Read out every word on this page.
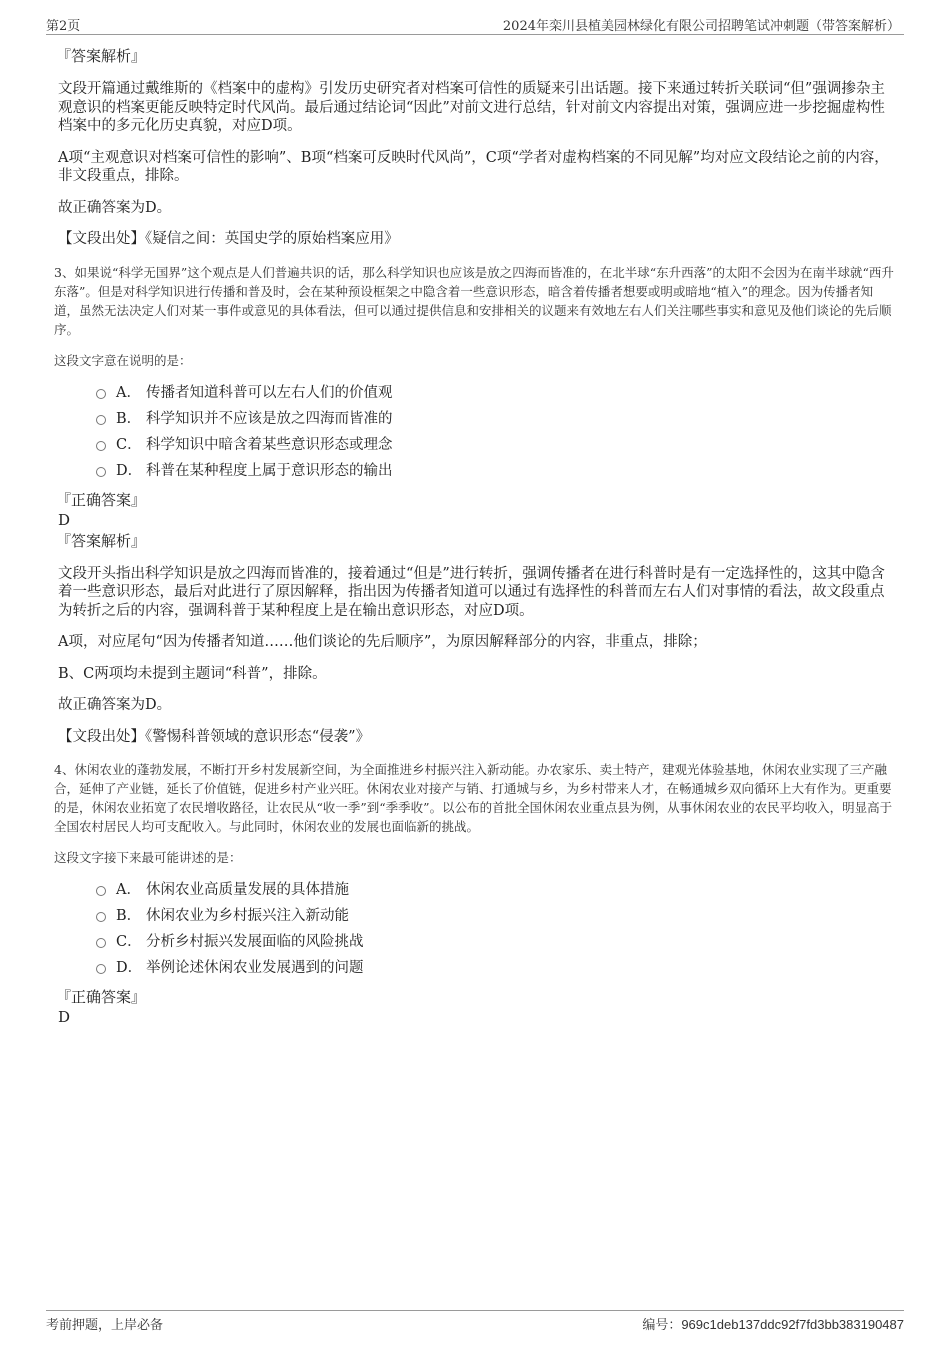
第2页	2024年栾川县植美园林绿化有限公司招聘笔试冲刺题（带答案解析）
『答案解析』
文段开篇通过戴维斯的《档案中的虚构》引发历史研究者对档案可信性的质疑来引出话题。接下来通过转折关联词“但”强调掺杂主观意识的档案更能反映特定时代风尚。最后通过结论词“因此”对前文进行总结，针对前文内容提出对策，强调应进一步挖掘虚构性档案中的多元化历史真貌，对应D项。
A项“主观意识对档案可信性的影响”、B项“档案可反映时代风尚”，C项“学者对虚构档案的不同见解”均对应文段结论之前的内容，非文段重点，排除。
故正确答案为D。
【文段出处】《疑信之间：英国史学的原始档案应用》
3、如果说“科学无国界”这个观点是人们普遍共识的话，那么科学知识也应该是放之四海而皆准的，在北半球“东升西落”的太阳不会因为在南半球就“西升东落”。但是对科学知识进行传播和普及时，会在某种预设框架之中隐含着一些意识形态，暗含着传播者想要或明或暗地“植入”的理念。因为传播者知道，虽然无法决定人们对某一事件或意见的具体看法，但可以通过提供信息和安排相关的议题来有效地左右人们关注哪些事实和意见及他们谈论的先后顺序。
这段文字意在说明的是：
A． 传播者知道科普可以左右人们的价值观
B． 科学知识并不应该是放之四海而皆准的
C． 科学知识中暗含着某些意识形态或理念
D． 科普在某种程度上属于意识形态的输出
『正确答案』
D
『答案解析』
文段开头指出科学知识是放之四海而皆准的，接着通过“但是”进行转折，强调传播者在进行科普时是有一定选择性的，这其中隐含着一些意识形态，最后对此进行了原因解释，指出因为传播者知道可以通过有选择性的科普而左右人们对事情的看法，故文段重点为转折之后的内容，强调科普于某种程度上是在输出意识形态，对应D项。
A项，对应尾句“因为传播者知道……他们谈论的先后顺序”，为原因解释部分的内容，非重点，排除；
B、C两项均未提到主题词“科普”，排除。
故正确答案为D。
【文段出处】《警惕科普领域的意识形态“侵袭”》
4、休闲农业的蓬勃发展，不断打开乡村发展新空间，为全面推进乡村振兴注入新动能。办农家乐、卖土特产，建观光体验基地，休闲农业实现了三产融合，延伸了产业链，延长了价值链，促进乡村产业兴旺。休闲农业对接产与销、打通城与乡，为乡村带来人才，在畅通城乡双向循环上大有作为。更重要的是，休闲农业拓宽了农民增收路径，让农民从“收一季”到“季季收”。以公布的首批全国休闲农业重点县为例，从事休闲农业的农民平均收入，明显高于全国农村居民人均可支配收入。与此同时，休闲农业的发展也面临新的挑战。
这段文字接下来最可能讲述的是：
A． 休闲农业高质量发展的具体措施
B． 休闲农业为乡村振兴注入新动能
C． 分析乡村振兴发展面临的风险挑战
D． 举例论述休闲农业发展遇到的问题
『正确答案』
D
考前押题，上岸必备	编号：969c1deb137ddc92f7fd3bb383190487
